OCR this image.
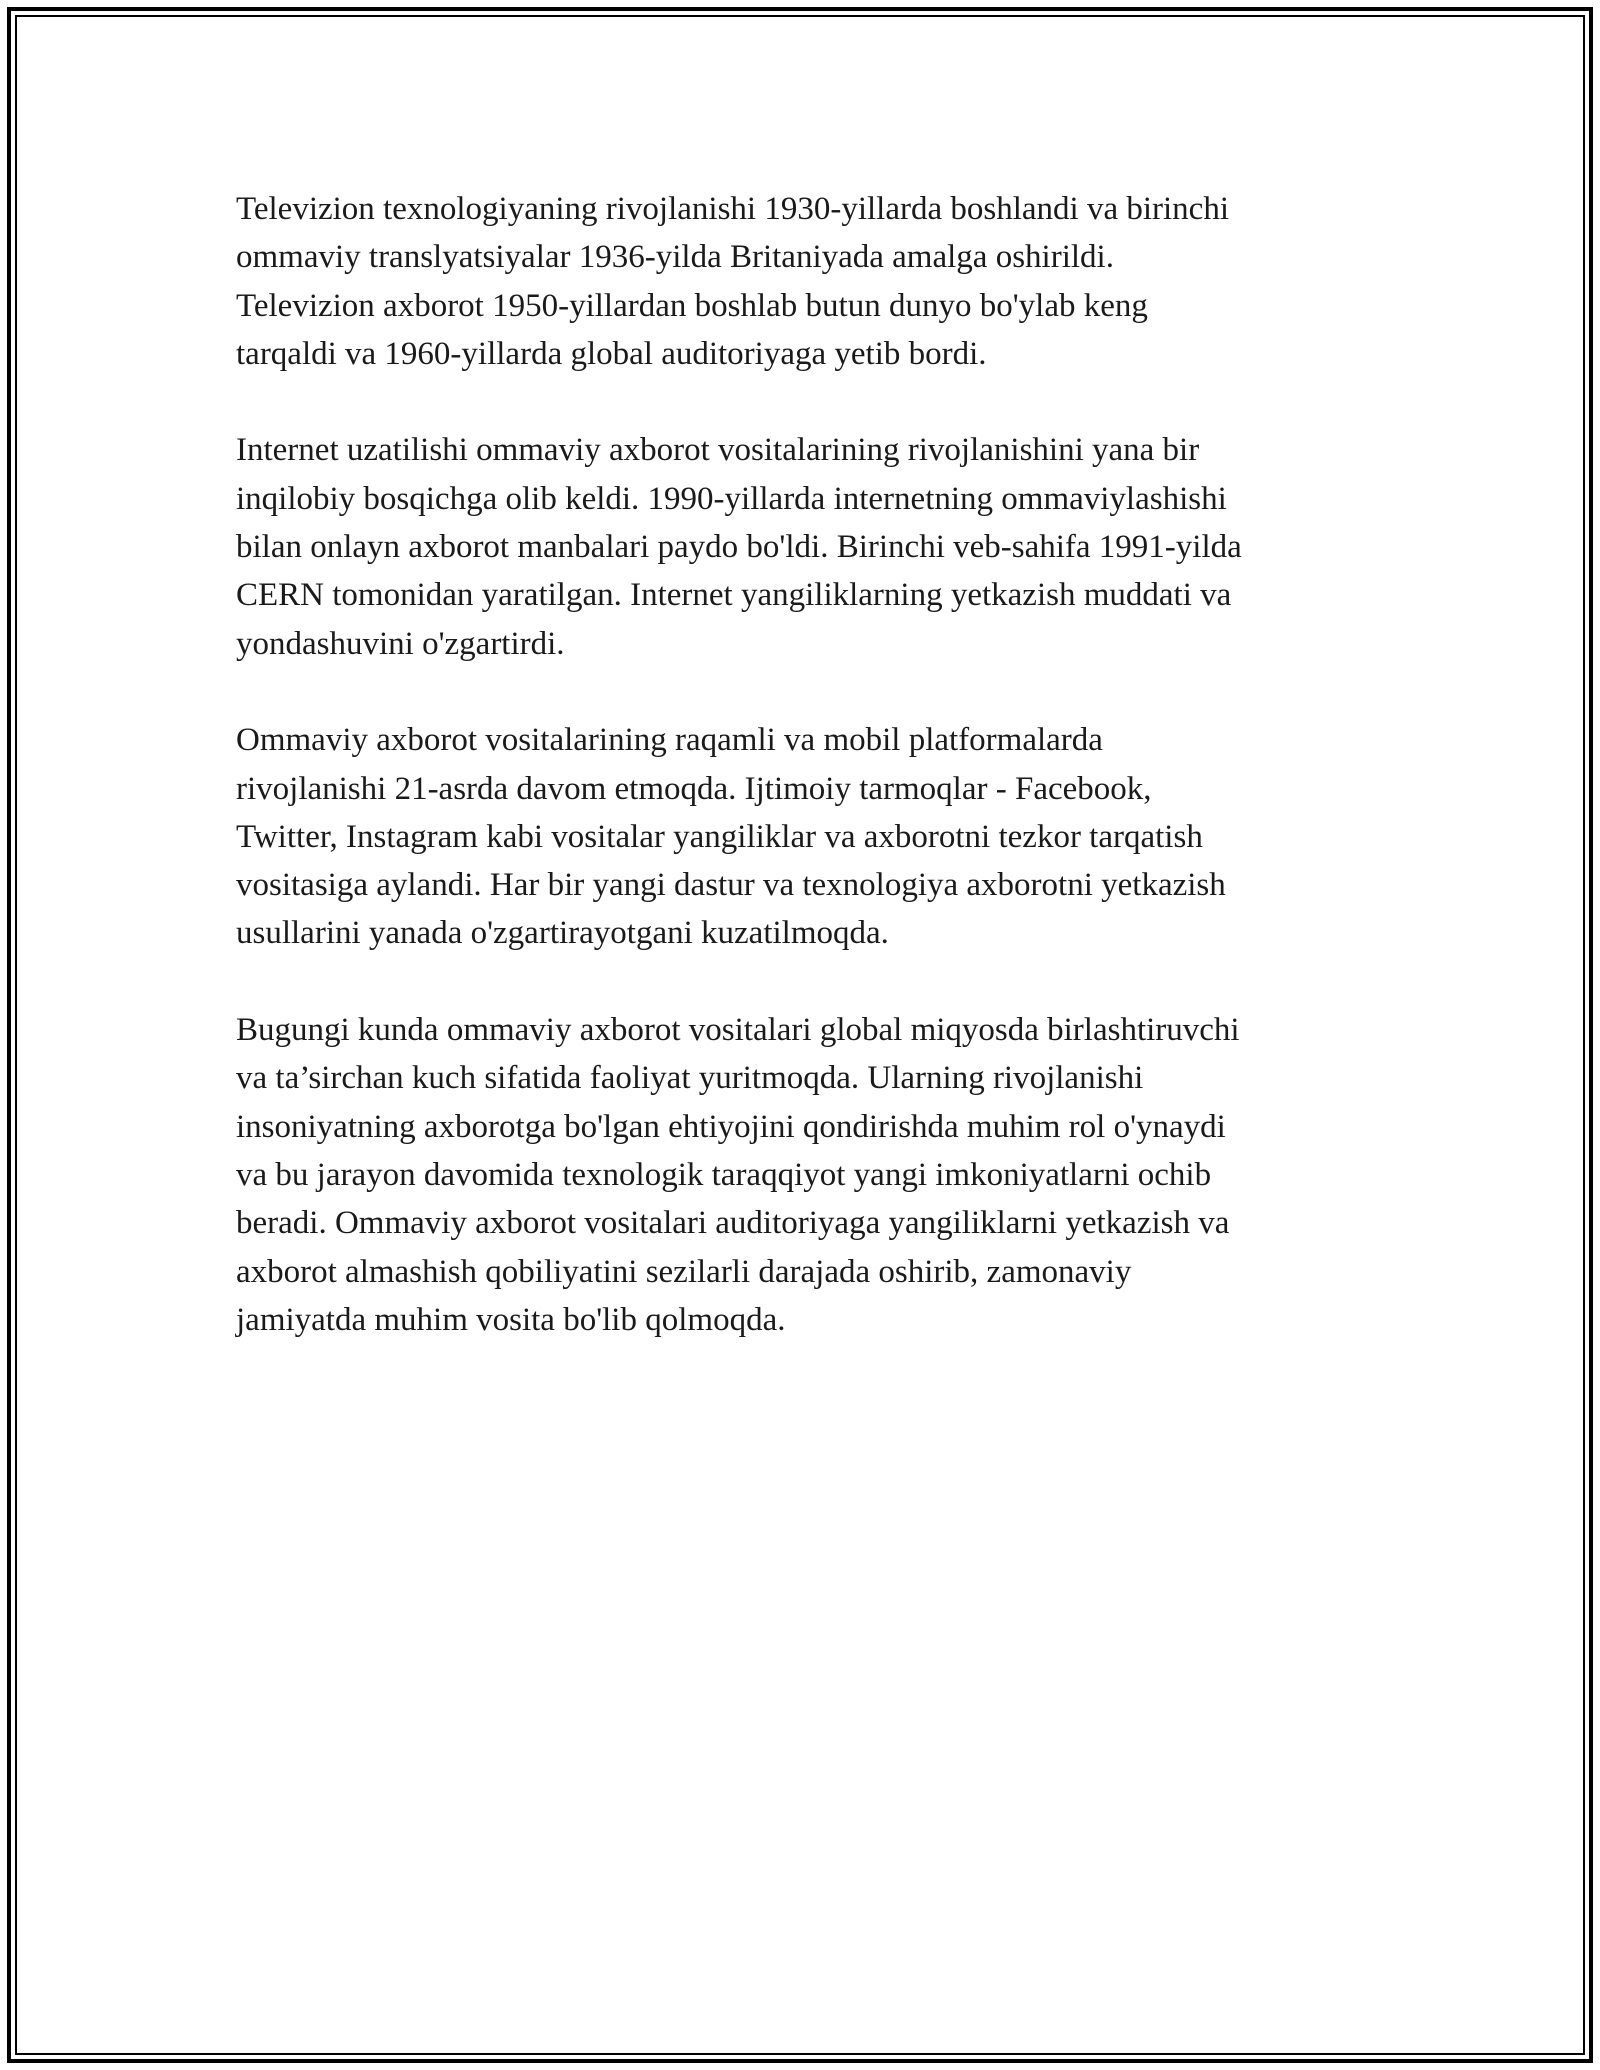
Televizion texnologiyaning rivojlanishi 1930-yillarda boshlandi va birinchi
ommaviy translyatsiyalar 1936-yilda Britaniyada amalga oshirildi.
Televizion axborot 1950-yillardan boshlab butun dunyo bo'ylab keng
tarqaldi va 1960-yillarda global auditoriyaga yetib bordi.

Internet uzatilishi ommaviy axborot vositalarining rivojlanishini yana bir
inqilobiy bosqichga olib keldi. 1990-yillarda internetning ommaviylashishi
bilan onlayn axborot manbalari paydo bo'ldi. Birinchi veb-sahifa 1991-yilda
CERN tomonidan yaratilgan. Internet yangiliklarning yetkazish muddati va
yondashuvini o'zgartirdi.

Ommaviy axborot vositalarining raqamli va mobil platformalarda
rivojlanishi 21-asrda davom etmoqda. Ijtimoiy tarmoqlar - Facebook,
Twitter, Instagram kabi vositalar yangiliklar va axborotni tezkor tarqatish
vositasiga aylandi. Har bir yangi dastur va texnologiya axborotni yetkazish
usullarini yanada o'zgartirayotgani kuzatilmoqda.

Bugungi kunda ommaviy axborot vositalari global miqyosda birlashtiruvchi
va ta’sirchan kuch sifatida faoliyat yuritmoqda. Ularning rivojlanishi
insoniyatning axborotga bo'lgan ehtiyojini qondirishda muhim rol o'ynaydi
va bu jarayon davomida texnologik taraqqiyot yangi imkoniyatlarni ochib
beradi. Ommaviy axborot vositalari auditoriyaga yangiliklarni yetkazish va
axborot almashish qobiliyatini sezilarli darajada oshirib, zamonaviy
jamiyatda muhim vosita bo'lib qolmoqda.
